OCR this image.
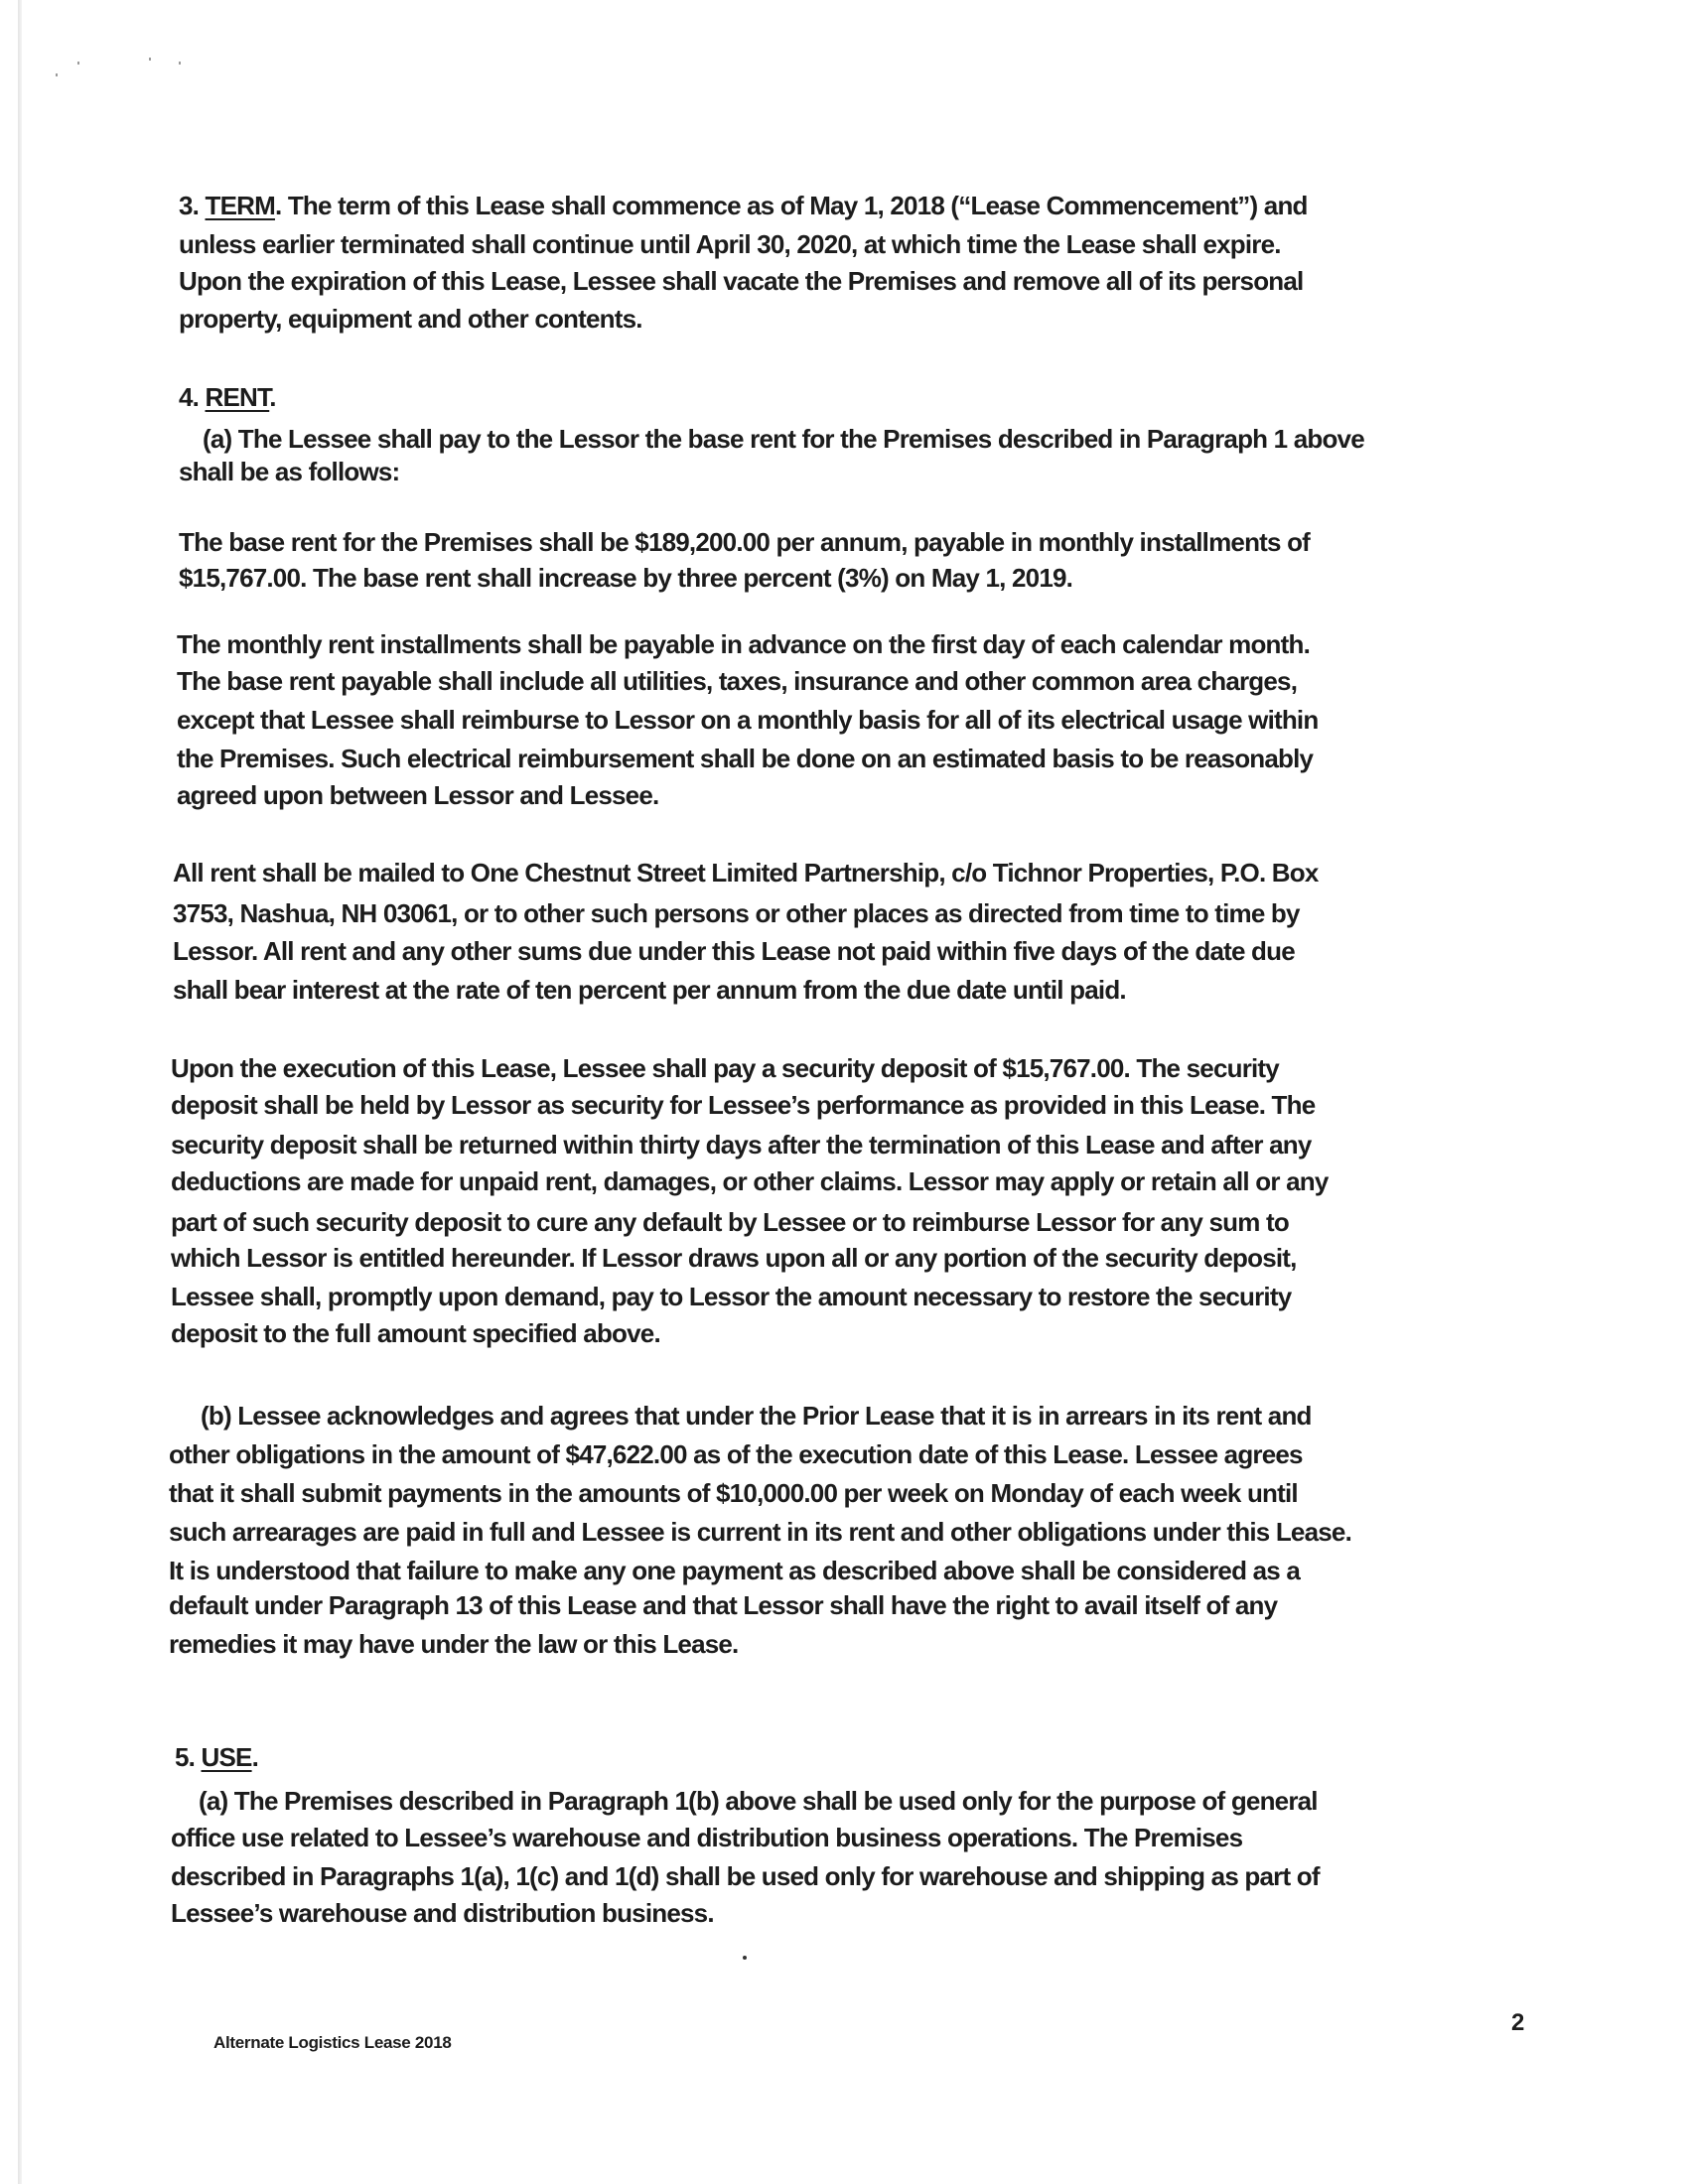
3. TERM. The term of this Lease shall commence as of May 1, 2018 (“Lease Commencement”) and
4. RENT.
5. USE.
unless earlier terminated shall continue until April 30, 2020, at which time the Lease shall expire.
Upon the expiration of this Lease, Lessee shall vacate the Premises and remove all of its personal
property, equipment and other contents.
(a) The Lessee shall pay to the Lessor the base rent for the Premises described in Paragraph 1 above
shall be as follows:
The base rent for the Premises shall be $189,200.00 per annum, payable in monthly installments of
$15,767.00. The base rent shall increase by three percent (3%) on May 1, 2019.
The monthly rent installments shall be payable in advance on the first day of each calendar month.
The base rent payable shall include all utilities, taxes, insurance and other common area charges,
except that Lessee shall reimburse to Lessor on a monthly basis for all of its electrical usage within
the Premises. Such electrical reimbursement shall be done on an estimated basis to be reasonably
agreed upon between Lessor and Lessee.
All rent shall be mailed to One Chestnut Street Limited Partnership, c/o Tichnor Properties, P.O. Box
3753, Nashua, NH 03061, or to other such persons or other places as directed from time to time by
Lessor. All rent and any other sums due under this Lease not paid within five days of the date due
shall bear interest at the rate of ten percent per annum from the due date until paid.
Upon the execution of this Lease, Lessee shall pay a security deposit of $15,767.00. The security
deposit shall be held by Lessor as security for Lessee’s performance as provided in this Lease. The
security deposit shall be returned within thirty days after the termination of this Lease and after any
deductions are made for unpaid rent, damages, or other claims. Lessor may apply or retain all or any
part of such security deposit to cure any default by Lessee or to reimburse Lessor for any sum to
which Lessor is entitled hereunder. If Lessor draws upon all or any portion of the security deposit,
Lessee shall, promptly upon demand, pay to Lessor the amount necessary to restore the security
deposit to the full amount specified above.
(b) Lessee acknowledges and agrees that under the Prior Lease that it is in arrears in its rent and
other obligations in the amount of $47,622.00 as of the execution date of this Lease. Lessee agrees
that it shall submit payments in the amounts of $10,000.00 per week on Monday of each week until
such arrearages are paid in full and Lessee is current in its rent and other obligations under this Lease.
It is understood that failure to make any one payment as described above shall be considered as a
default under Paragraph 13 of this Lease and that Lessor shall have the right to avail itself of any
remedies it may have under the law or this Lease.
(a) The Premises described in Paragraph 1(b) above shall be used only for the purpose of general
office use related to Lessee’s warehouse and distribution business operations. The Premises
described in Paragraphs 1(a), 1(c) and 1(d) shall be used only for warehouse and shipping as part of
Lessee’s warehouse and distribution business.
2
Alternate Logistics Lease 2018
